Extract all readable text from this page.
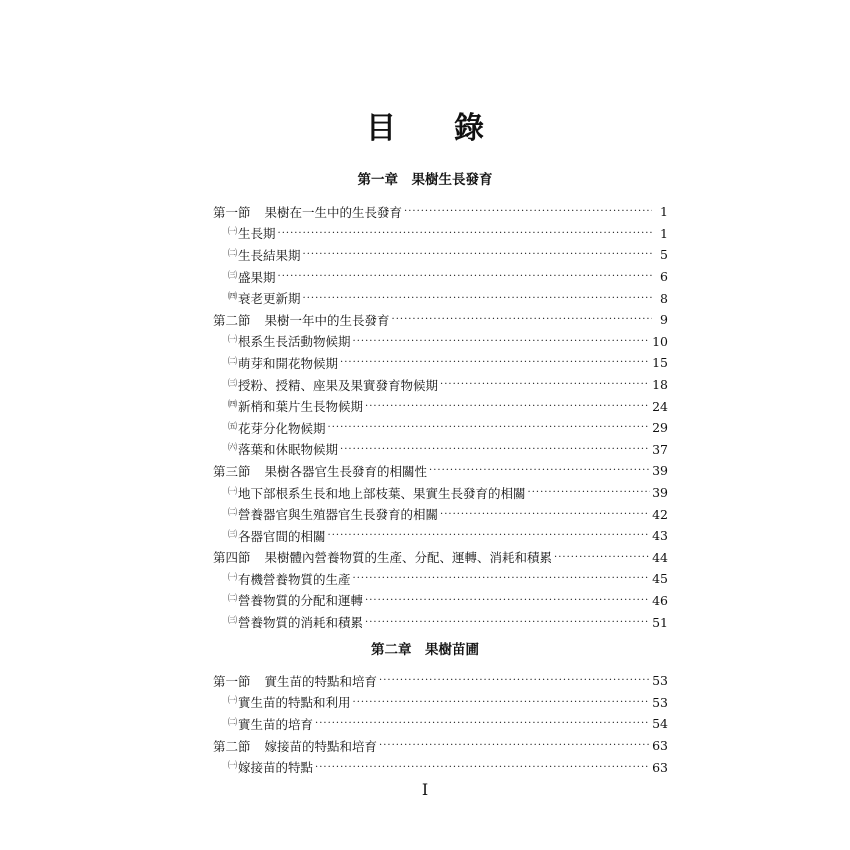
目 錄
第一章　果樹生長發育
第一節 果樹在一生中的生長發育 ·····	1
$^㈠$生長期 ·····	1
$^㈡$生長結果期 ·····	5
$^㈢$盛果期 ·····	6
$^㈣$衰老更新期 ·····	8
第二節 果樹一年中的生長發育 ·····	9
$^㈠$根系生長活動物候期 ·····	10
$^㈡$萌芽和開花物候期 ·····	15
$^㈢$授粉、授精、座果及果實發育物候期 ·····	18
$^㈣$新梢和葉片生長物候期 ·····	24
$^㈤$花芽分化物候期 ·····	29
$^㈥$落葉和休眠物候期 ·····	37
第三節 果樹各器官生長發育的相關性 ·····	39
$^㈠$地下部根系生長和地上部枝葉、果實生長發育的相關 ·····	39
$^㈡$營養器官與生殖器官生長發育的相關 ·····	42
$^㈢$各器官間的相關 ·····	43
第四節 果樹體內營養物質的生產、分配、運轉、消耗和積累 ·····	44
$^㈠$有機營養物質的生產 ·····	45
$^㈡$營養物質的分配和運轉 ·····	46
$^㈢$營養物質的消耗和積累 ·····	51
第二章　果樹苗圃
第一節 實生苗的特點和培育 ·····	53
$^㈠$實生苗的特點和利用 ·····	53
$^㈡$實生苗的培育 ·····	54
第二節 嫁接苗的特點和培育 ·····	63
$^㈠$嫁接苗的特點 ·····	63
I
